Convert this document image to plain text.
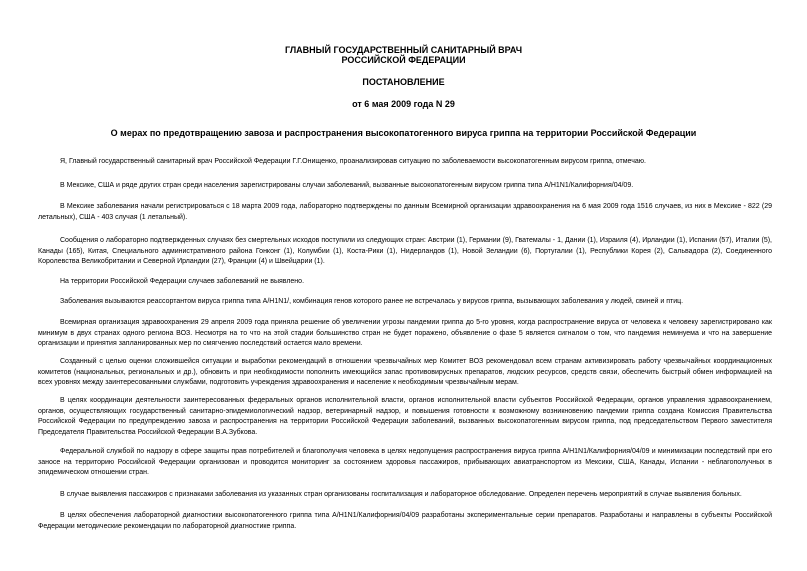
ГЛАВНЫЙ ГОСУДАРСТВЕННЫЙ САНИТАРНЫЙ ВРАЧ
РОССИЙСКОЙ ФЕДЕРАЦИИ
ПОСТАНОВЛЕНИЕ
от 6 мая 2009 года N 29
О мерах по предотвращению завоза и распространения высокопатогенного вируса гриппа на территории Российской Федерации

Я, Главный государственный санитарный врач Российской Федерации Г.Г.Онищенко, проанализировав ситуацию по заболеваемости высокопатогенным вирусом гриппа, отмечаю.

В Мексике, США и ряде других стран среди населения зарегистрированы случаи заболеваний, вызванные высокопатогенным вирусом гриппа типа A/H1N1/Калифорния/04/09.

В Мексике заболевания начали регистрироваться с 18 марта 2009 года, лабораторно подтверждены по данным Всемирной организации здравоохранения на 6 мая 2009 года 1516 случаев, из них в Мексике - 822 (29 летальных), США - 403 случая (1 летальный).

Сообщения о лабораторно подтвержденных случаях без смертельных исходов поступили из следующих стран: Австрии (1), Германии (9), Гватемалы - 1, Дании (1), Израиля (4), Ирландии (1), Испании (57), Италии (5), Канады (165), Китая, Специального административного района Гонконг (1), Колумбии (1), Коста-Рики (1), Нидерландов (1), Новой Зеландии (6), Португалии (1), Республики Корея (2), Сальвадора (2), Соединенного Королевства Великобритании и Северной Ирландии (27), Франции (4) и Швейцарии (1).

На территории Российской Федерации случаев заболеваний не выявлено.

Заболевания вызываются реассортантом вируса гриппа типа A/H1N1/, комбинация генов которого ранее не встречалась у вирусов гриппа, вызывающих заболевания у людей, свиней и птиц.

Всемирная организация здравоохранения 29 апреля 2009 года приняла решение об увеличении угрозы пандемии гриппа до 5-го уровня, когда распространение вируса от человека к человеку зарегистрировано как минимум в двух странах одного региона ВОЗ. Несмотря на то что на этой стадии большинство стран не будет поражено, объявление о фазе 5 является сигналом о том, что пандемия неминуема и что на завершение организации и принятия запланированных мер по смягчению последствий остается мало времени.

Созданный с целью оценки сложившейся ситуации и выработки рекомендаций в отношении чрезвычайных мер Комитет ВОЗ рекомендовал всем странам активизировать работу чрезвычайных координационных комитетов (национальных, региональных и др.), обновить и при необходимости пополнить имеющийся запас противовирусных препаратов, людских ресурсов, средств связи, обеспечить быстрый обмен информацией на всех уровнях между заинтересованными службами, подготовить учреждения здравоохранения и население к необходимым чрезвычайным мерам.

В целях координации деятельности заинтересованных федеральных органов исполнительной власти, органов исполнительной власти субъектов Российской Федерации, органов управления здравоохранением, органов, осуществляющих государственный санитарно-эпидемиологический надзор, ветеринарный надзор, и повышения готовности к возможному возникновению пандемии гриппа создана Комиссия Правительства Российской Федерации по предупреждению завоза и распространения на территории Российской Федерации заболеваний, вызванных высокопатогенным вирусом гриппа, под председательством Первого заместителя Председателя Правительства Российской Федерации В.А.Зубкова.

Федеральной службой по надзору в сфере защиты прав потребителей и благополучия человека в целях недопущения распространения вируса гриппа A/H1N1/Калифорния/04/09 и минимизации последствий при его заносе на территорию Российской Федерации организован и проводится мониторинг за состоянием здоровья пассажиров, прибывающих авиатранспортом из Мексики, США, Канады, Испании - неблагополучных в эпидемическом отношении стран.

В случае выявления пассажиров с признаками заболевания из указанных стран организованы госпитализация и лабораторное обследование. Определен перечень мероприятий в случае выявления больных.

В целях обеспечения лабораторной диагностики высокопатогенного гриппа типа A/H1N1/Калифорния/04/09 разработаны экспериментальные серии препаратов. Разработаны и направлены в субъекты Российской Федерации методические рекомендации по лабораторной диагностике гриппа.
